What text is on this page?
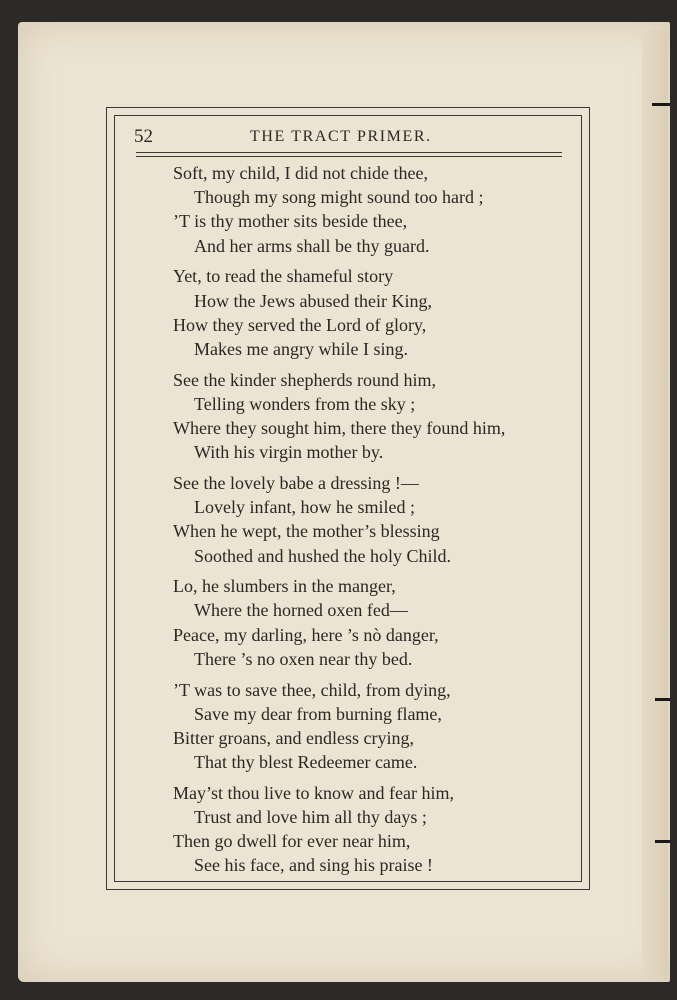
52	THE TRACT PRIMER.
Soft, my child, I did not chide thee,
Though my song might sound too hard ;
’T is thy mother sits beside thee,
And her arms shall be thy guard.
Yet, to read the shameful story
How the Jews abused their King,
How they served the Lord of glory,
Makes me angry while I sing.
See the kinder shepherds round him,
Telling wonders from the sky ;
Where they sought him, there they found him,
With his virgin mother by.
See the lovely babe a dressing !—
Lovely infant, how he smiled ;
When he wept, the mother’s blessing
Soothed and hushed the holy Child.
Lo, he slumbers in the manger,
Where the horned oxen fed—
Peace, my darling, here ’s nò danger,
There ’s no oxen near thy bed.
’T was to save thee, child, from dying,
Save my dear from burning flame,
Bitter groans, and endless crying,
That thy blest Redeemer came.
May’st thou live to know and fear him,
Trust and love him all thy days ;
Then go dwell for ever near him,
See his face, and sing his praise !
